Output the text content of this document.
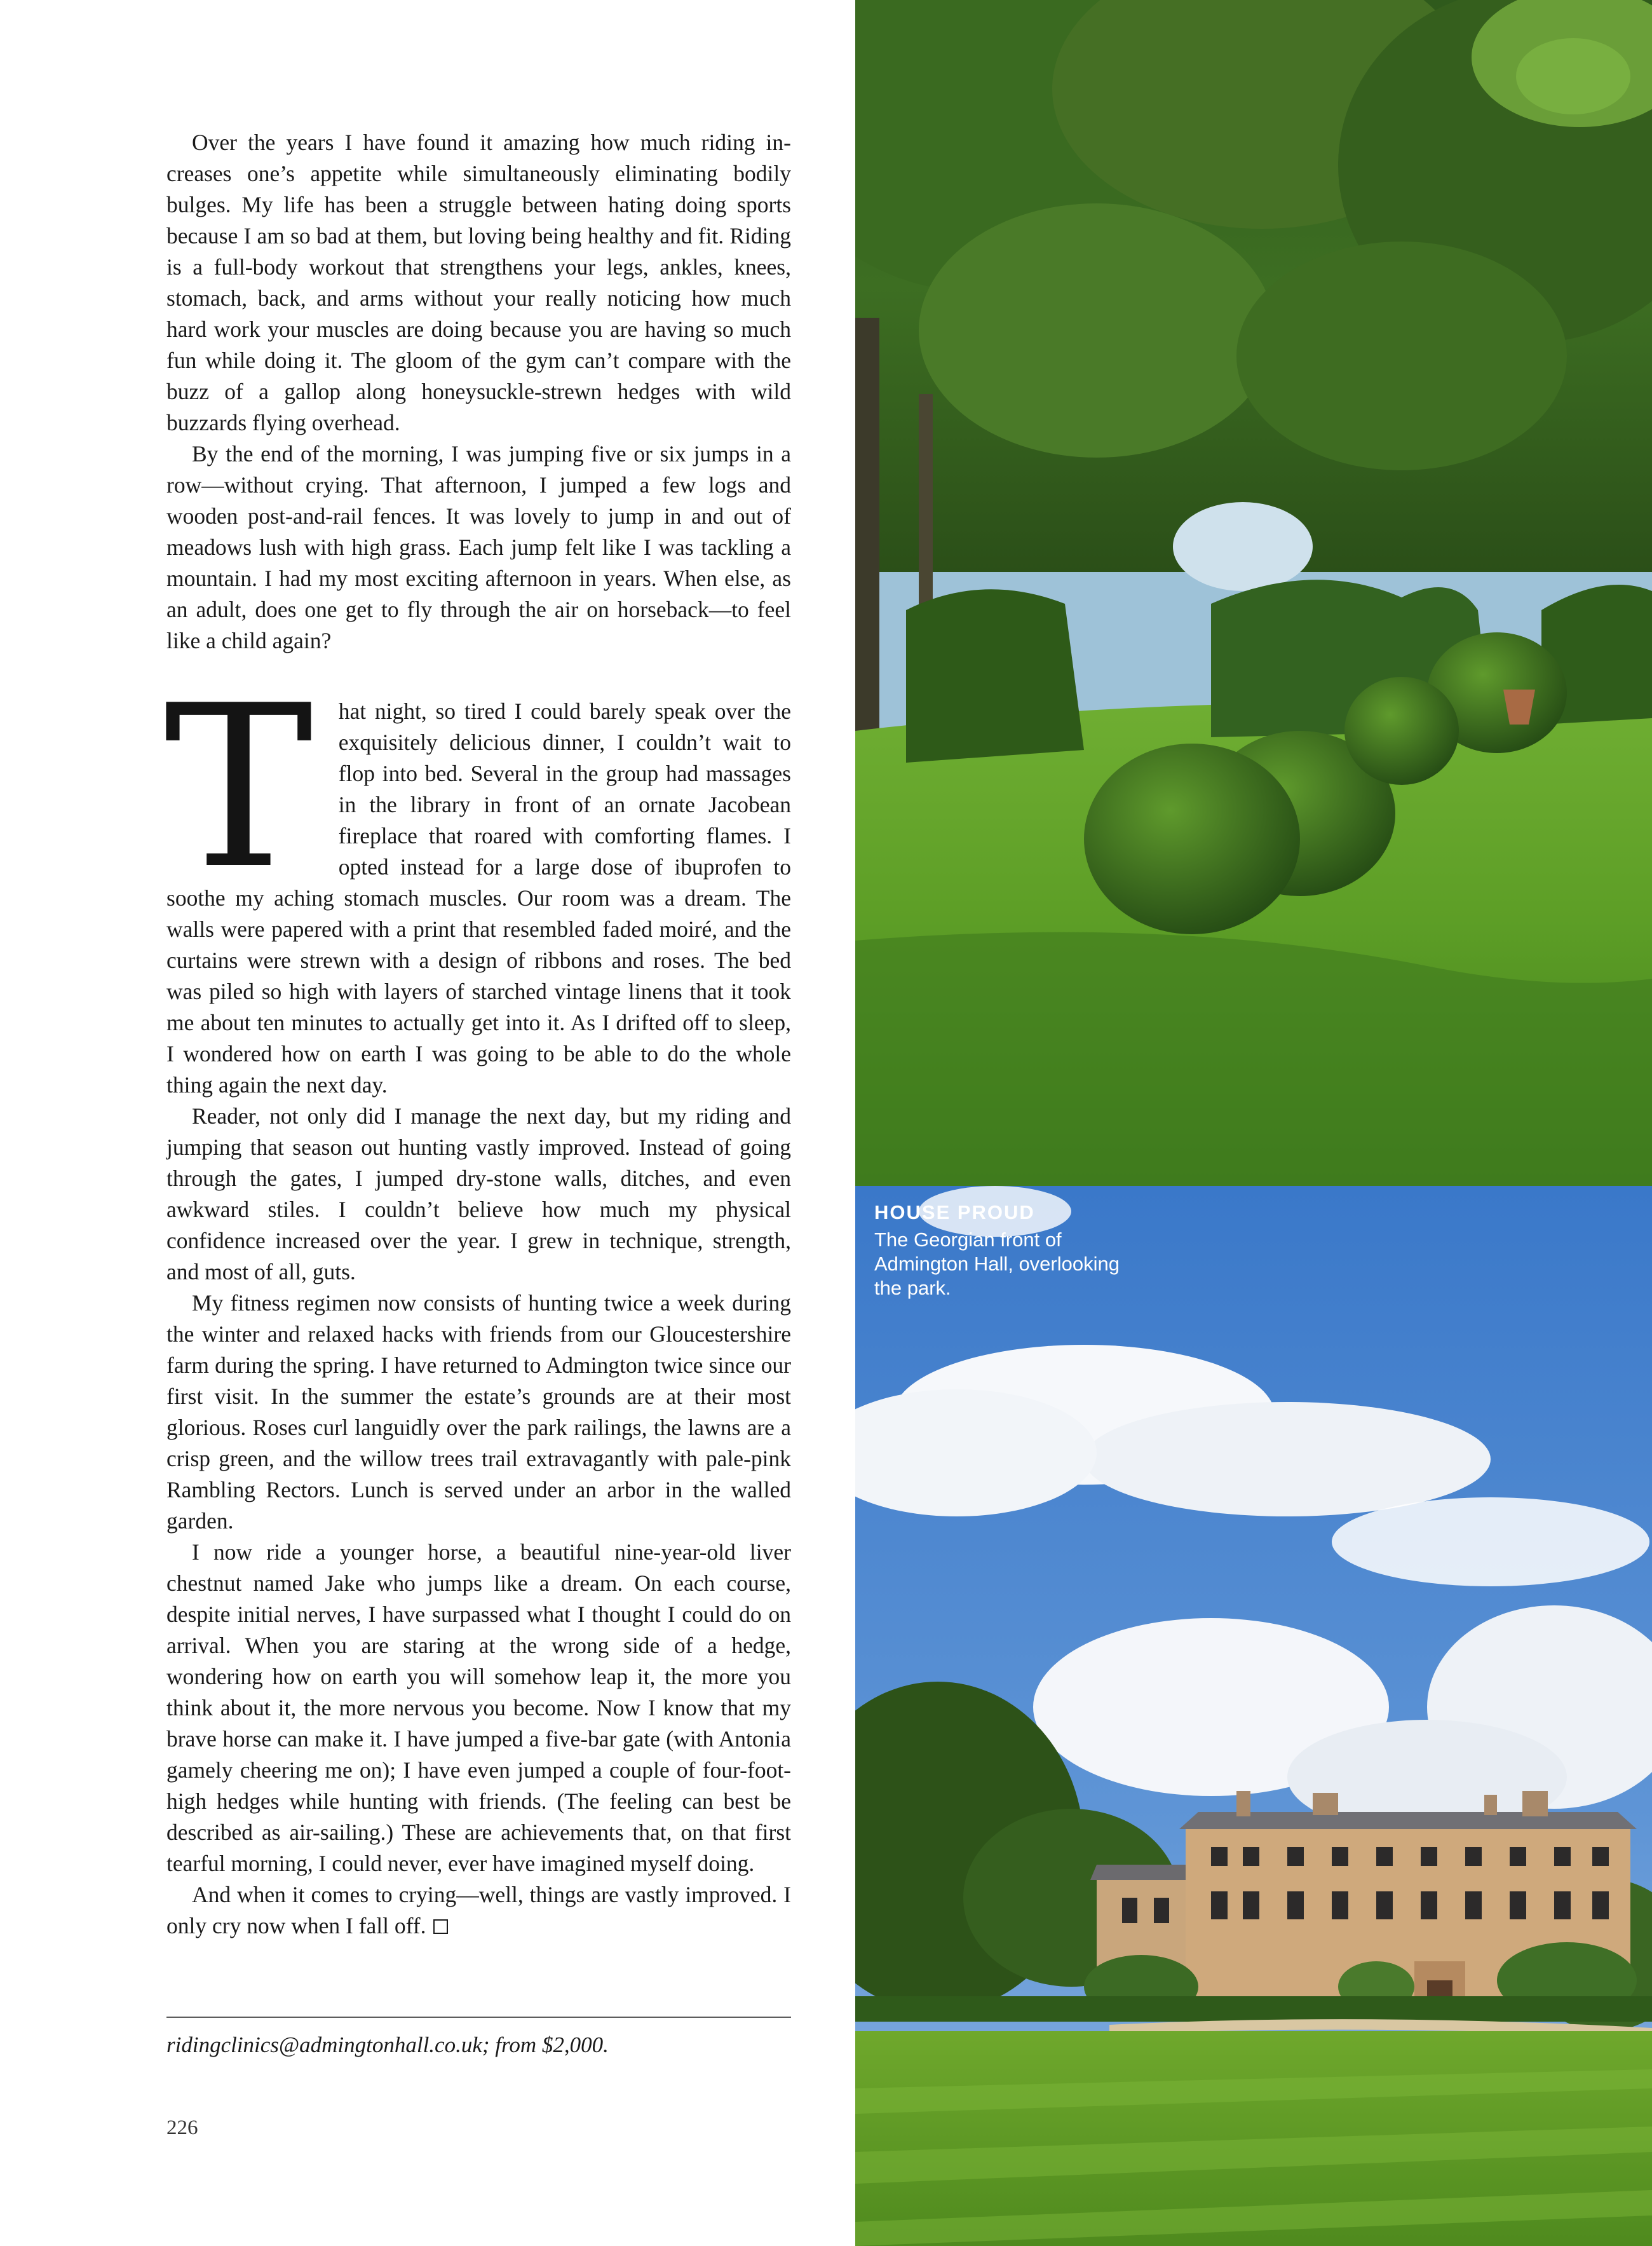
Over the years I have found it amazing how much riding increases one’s appetite while simultaneously eliminating bodily bulges. My life has been a struggle between hating doing sports because I am so bad at them, but loving being healthy and fit. Riding is a full-body workout that strengthens your legs, ankles, knees, stomach, back, and arms without your really noticing how much hard work your muscles are doing because you are having so much fun while doing it. The gloom of the gym can’t compare with the buzz of a gallop along honeysuckle-strewn hedges with wild buzzards flying overhead.

By the end of the morning, I was jumping five or six jumps in a row—without crying. That afternoon, I jumped a few logs and wooden post-and-rail fences. It was lovely to jump in and out of meadows lush with high grass. Each jump felt like I was tackling a mountain. I had my most exciting afternoon in years. When else, as an adult, does one get to fly through the air on horseback—to feel like a child again?

T hat night, so tired I could barely speak over the exquisitely delicious dinner, I couldn’t wait to flop into bed. Several in the group had massages in the library in front of an ornate Jacobean fireplace that roared with comforting flames. I opted instead for a large dose of ibuprofen to soothe my aching stomach muscles. Our room was a dream. The walls were papered with a print that resembled faded moiré, and the curtains were strewn with a design of ribbons and roses. The bed was piled so high with layers of starched vintage linens that it took me about ten minutes to actually get into it. As I drifted off to sleep, I wondered how on earth I was going to be able to do the whole thing again the next day.

Reader, not only did I manage the next day, but my riding and jumping that season out hunting vastly improved. Instead of going through the gates, I jumped dry-stone walls, ditches, and even awkward stiles. I couldn’t believe how much my physical confidence increased over the year. I grew in technique, strength, and most of all, guts.

My fitness regimen now consists of hunting twice a week during the winter and relaxed hacks with friends from our Gloucestershire farm during the spring. I have returned to Admington twice since our first visit. In the summer the estate’s grounds are at their most glorious. Roses curl languidly over the park railings, the lawns are a crisp green, and the willow trees trail extravagantly with pale-pink Rambling Rectors. Lunch is served under an arbor in the walled garden.

I now ride a younger horse, a beautiful nine-year-old liver chestnut named Jake who jumps like a dream. On each course, despite initial nerves, I have surpassed what I thought I could do on arrival. When you are staring at the wrong side of a hedge, wondering how on earth you will somehow leap it, the more you think about it, the more nervous you become. Now I know that my brave horse can make it. I have jumped a five-bar gate (with Antonia gamely cheering me on); I have even jumped a couple of four-foot-high hedges while hunting with friends. (The feeling can best be described as air-sailing.) These are achievements that, on that first tearful morning, I could never, ever have imagined myself doing.

And when it comes to crying—well, things are vastly improved. I only cry now when I fall off.

ridingclinics@admingtonhall.co.uk; from $2,000.
226
HOUSE PROUD
The Georgian front of Admington Hall, overlooking the park.
